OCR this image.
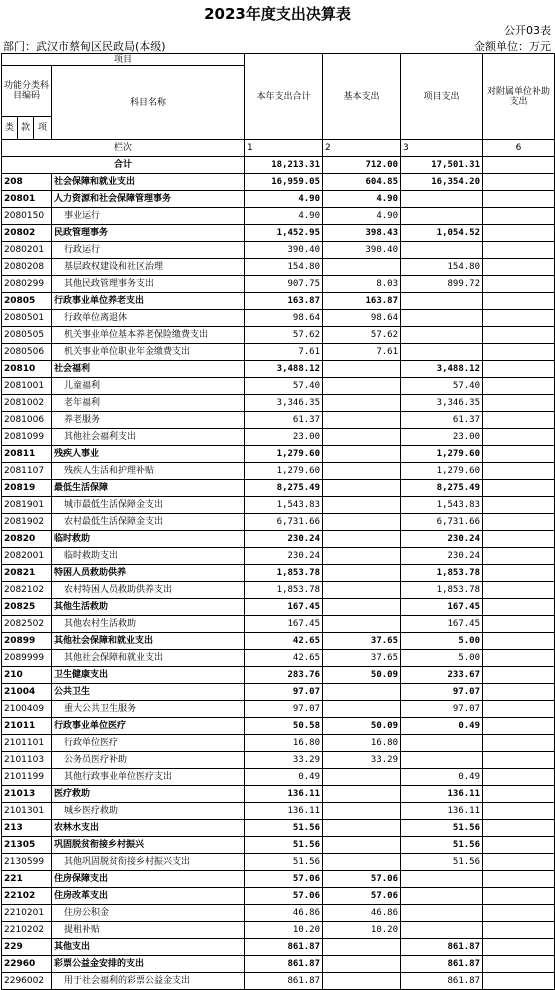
2023年度支出决算表
公开03表
部门：武汉市蔡甸区民政局(本级)	金额单位：万元
项目				本年支出合计	基本支出	项目支出	对附属单位补助支出
功能分类科目编码			科目名称				
类	款	项					
栏次				1	2	3	6
合计				18,213.31	712.00	17,501.31	
208			社会保障和就业支出	16,959.05	604.85	16,354.20	
20801			人力资源和社会保障管理事务	4.90	4.90		
2080150			事业运行	4.90	4.90		
20802			民政管理事务	1,452.95	398.43	1,054.52	
2080201			行政运行	390.40	390.40		
2080208			基层政权建设和社区治理	154.80		154.80	
2080299			其他民政管理事务支出	907.75	8.03	899.72	
20805			行政事业单位养老支出	163.87	163.87		
2080501			行政单位离退休	98.64	98.64		
2080505			机关事业单位基本养老保险缴费支出	57.62	57.62		
2080506			机关事业单位职业年金缴费支出	7.61	7.61		
20810			社会福利	3,488.12		3,488.12	
2081001			儿童福利	57.40		57.40	
2081002			老年福利	3,346.35		3,346.35	
2081006			养老服务	61.37		61.37	
2081099			其他社会福利支出	23.00		23.00	
20811			残疾人事业	1,279.60		1,279.60	
2081107			残疾人生活和护理补贴	1,279.60		1,279.60	
20819			最低生活保障	8,275.49		8,275.49	
2081901			城市最低生活保障金支出	1,543.83		1,543.83	
2081902			农村最低生活保障金支出	6,731.66		6,731.66	
20820			临时救助	230.24		230.24	
2082001			临时救助支出	230.24		230.24	
20821			特困人员救助供养	1,853.78		1,853.78	
2082102			农村特困人员救助供养支出	1,853.78		1,853.78	
20825			其他生活救助	167.45		167.45	
2082502			其他农村生活救助	167.45		167.45	
20899			其他社会保障和就业支出	42.65	37.65	5.00	
2089999			其他社会保障和就业支出	42.65	37.65	5.00	
210			卫生健康支出	283.76	50.09	233.67	
21004			公共卫生	97.07		97.07	
2100409			重大公共卫生服务	97.07		97.07	
21011			行政事业单位医疗	50.58	50.09	0.49	
2101101			行政单位医疗	16.80	16.80		
2101103			公务员医疗补助	33.29	33.29		
2101199			其他行政事业单位医疗支出	0.49		0.49	
21013			医疗救助	136.11		136.11	
2101301			城乡医疗救助	136.11		136.11	
213			农林水支出	51.56		51.56	
21305			巩固脱贫衔接乡村振兴	51.56		51.56	
2130599			其他巩固脱贫衔接乡村振兴支出	51.56		51.56	
221			住房保障支出	57.06	57.06		
22102			住房改革支出	57.06	57.06		
2210201			住房公积金	46.86	46.86		
2210202			提租补贴	10.20	10.20		
229			其他支出	861.87		861.87	
22960			彩票公益金安排的支出	861.87		861.87	
2296002			用于社会福利的彩票公益金支出	861.87		861.87	
